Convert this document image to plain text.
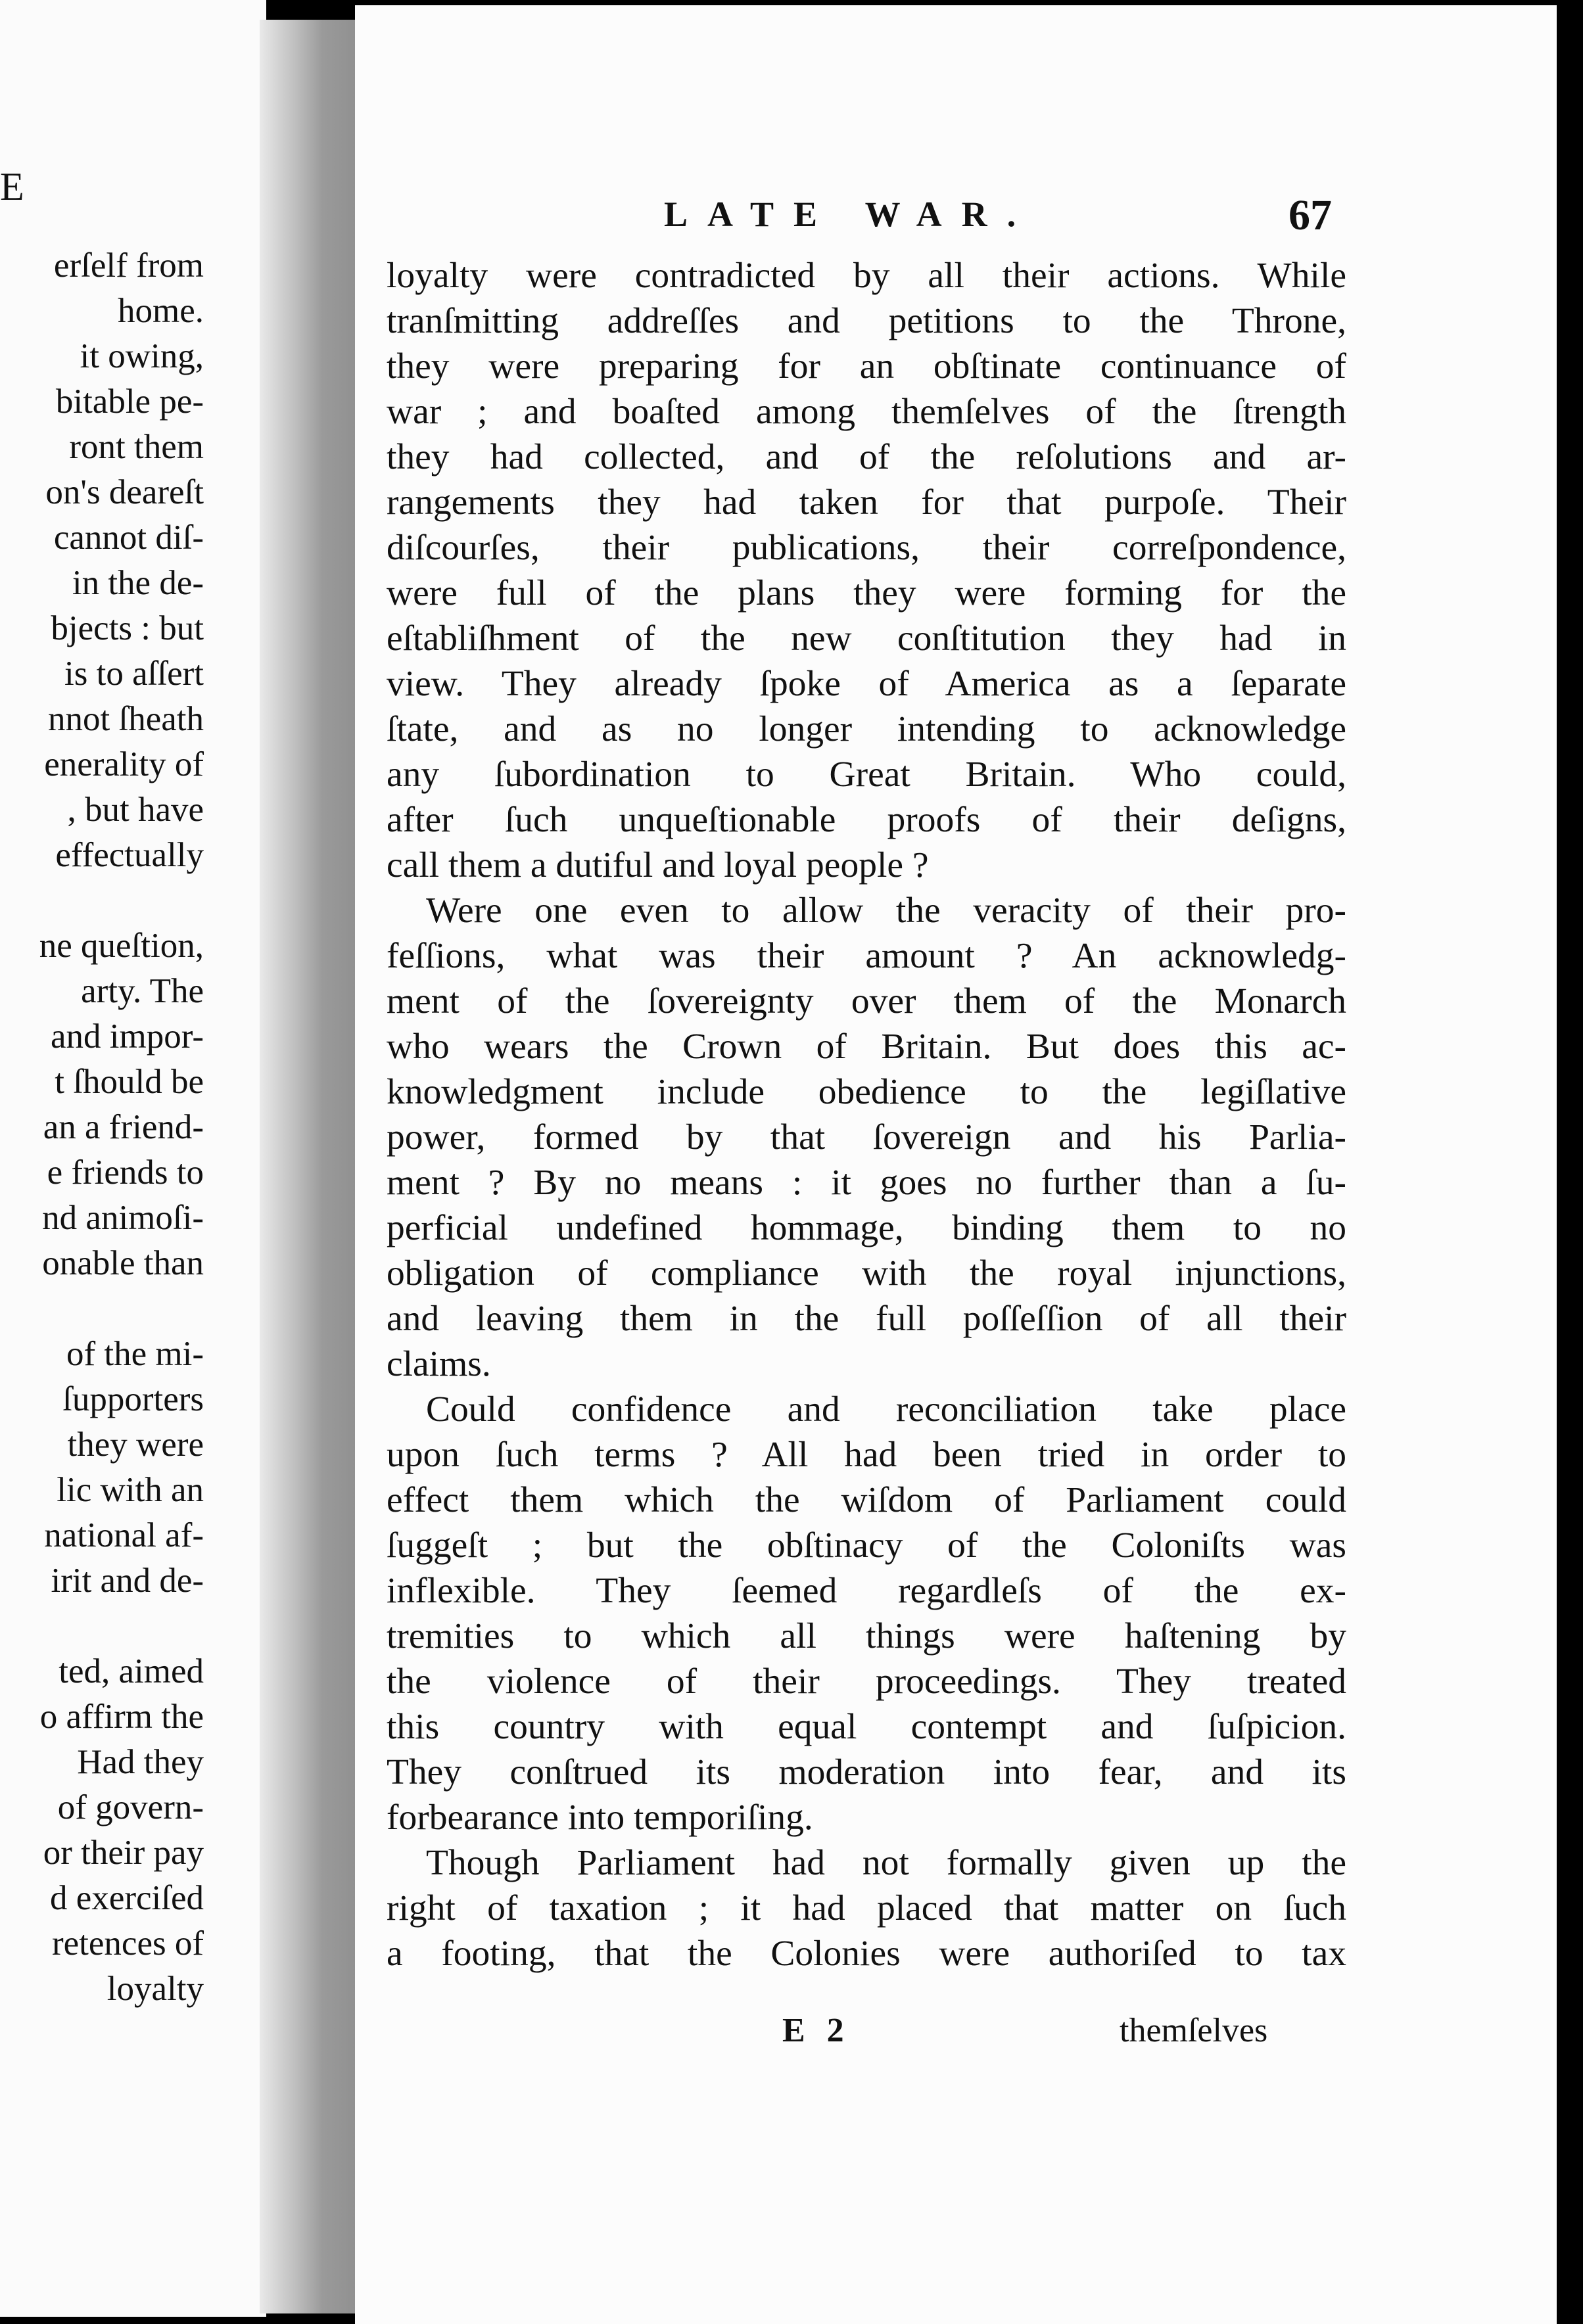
E
erſelf from
home.
it owing,
bitable pe-
ront them
on's deareſt
cannot diſ-
in the de-
bjects : but
is to aſſert
nnot ſheath
enerality of
, but have
effectually
ne queſtion,
arty. The
and impor-
t ſhould be
an a friend-
e friends to
nd animoſi-
onable than
of the mi-
ſupporters
they were
lic with an
national af-
irit and de-
ted, aimed
o affirm the
Had they
of govern-
or their pay
d exerciſed
retences of
loyalty
LATE WAR.	67
loyalty were contradicted by all their actions. While
tranſmitting addreſſes and petitions to the Throne,
they were preparing for an obſtinate continuance of
war ; and boaſted among themſelves of the ſtrength
they had collected, and of the reſolutions and ar-
rangements they had taken for that purpoſe. Their
diſcourſes, their publications, their correſpondence,
were full of the plans they were forming for the
eſtabliſhment of the new conſtitution they had in
view. They already ſpoke of America as a ſeparate
ſtate, and as no longer intending to acknowledge
any ſubordination to Great Britain. Who could,
after ſuch unqueſtionable proofs of their deſigns,
call them a dutiful and loyal people ?
Were one even to allow the veracity of their pro-
feſſions, what was their amount ? An acknowledg-
ment of the ſovereignty over them of the Monarch
who wears the Crown of Britain. But does this ac-
knowledgment include obedience to the legiſlative
power, formed by that ſovereign and his Parlia-
ment ? By no means : it goes no further than a ſu-
perficial undefined hommage, binding them to no
obligation of compliance with the royal injunctions,
and leaving them in the full poſſeſſion of all their
claims.
Could confidence and reconciliation take place
upon ſuch terms ? All had been tried in order to
effect them which the wiſdom of Parliament could
ſuggeſt ; but the obſtinacy of the Coloniſts was
inflexible. They ſeemed regardleſs of the ex-
tremities to which all things were haſtening by
the violence of their proceedings. They treated
this country with equal contempt and ſuſpicion.
They conſtrued its moderation into fear, and its
forbearance into temporiſing.
Though Parliament had not formally given up the
right of taxation ; it had placed that matter on ſuch
a footing, that the Colonies were authoriſed to tax
E 2	themſelves
